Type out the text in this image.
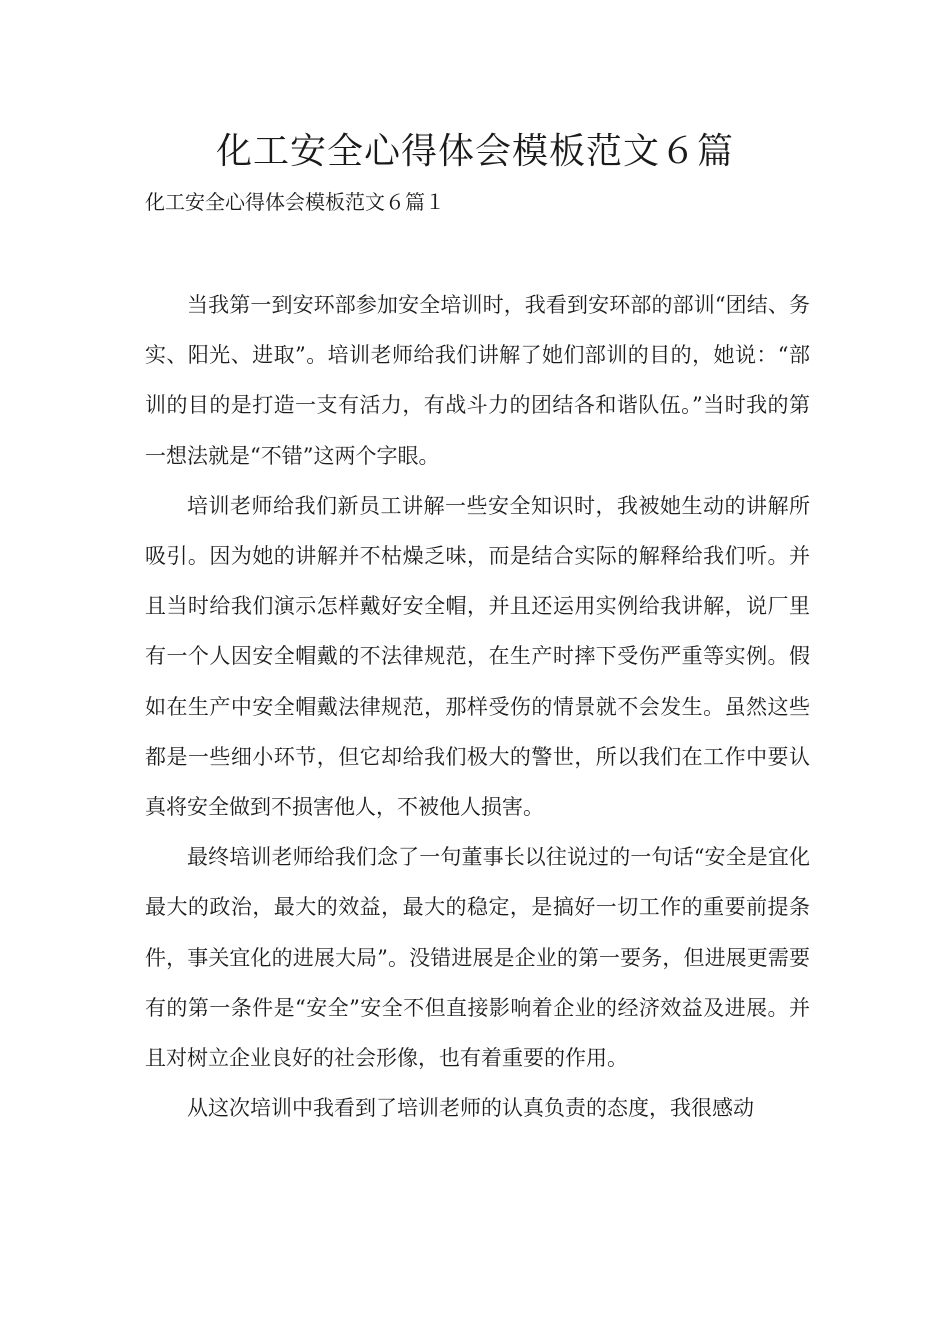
化工安全心得体会模板范文６篇
化工安全心得体会模板范文６篇１

当我第一到安环部参加安全培训时，我看到安环部的部训“团结、务实、阳光、进取”。培训老师给我们讲解了她们部训的目的，她说：“部训的目的是打造一支有活力，有战斗力的团结各和谐队伍。”当时我的第一想法就是“不错”这两个字眼。

培训老师给我们新员工讲解一些安全知识时，我被她生动的讲解所吸引。因为她的讲解并不枯燥乏味，而是结合实际的解释给我们听。并且当时给我们演示怎样戴好安全帽，并且还运用实例给我讲解，说厂里有一个人因安全帽戴的不法律规范，在生产时摔下受伤严重等实例。假如在生产中安全帽戴法律规范，那样受伤的情景就不会发生。虽然这些都是一些细小环节，但它却给我们极大的警世，所以我们在工作中要认真将安全做到不损害他人，不被他人损害。

最终培训老师给我们念了一句董事长以往说过的一句话“安全是宜化最大的政治，最大的效益，最大的稳定，是搞好一切工作的重要前提条件，事关宜化的进展大局”。没错进展是企业的第一要务，但进展更需要有的第一条件是“安全”安全不但直接影响着企业的经济效益及进展。并且对树立企业良好的社会形像，也有着重要的作用。

从这次培训中我看到了培训老师的认真负责的态度，我很感动
